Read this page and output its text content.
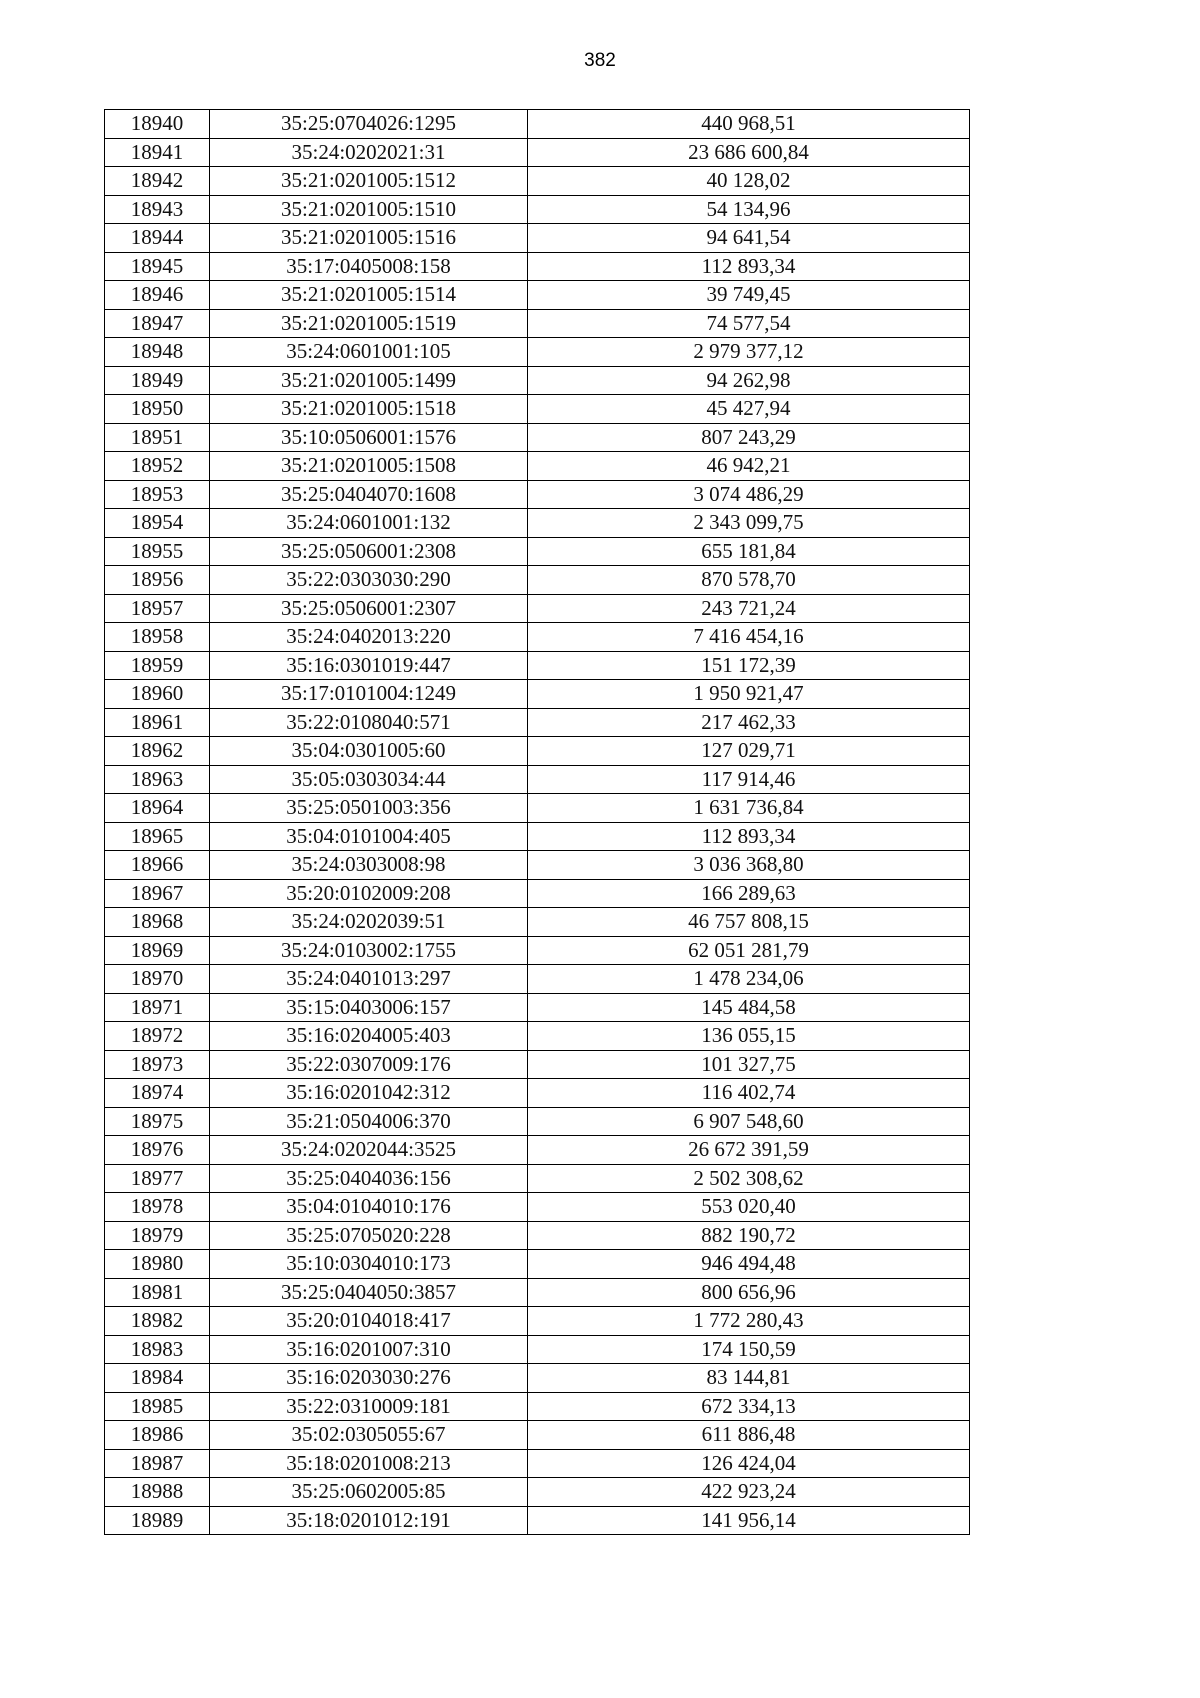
382
18940	35:25:0704026:1295	440 968,51
18941	35:24:0202021:31	23 686 600,84
18942	35:21:0201005:1512	40 128,02
18943	35:21:0201005:1510	54 134,96
18944	35:21:0201005:1516	94 641,54
18945	35:17:0405008:158	112 893,34
18946	35:21:0201005:1514	39 749,45
18947	35:21:0201005:1519	74 577,54
18948	35:24:0601001:105	2 979 377,12
18949	35:21:0201005:1499	94 262,98
18950	35:21:0201005:1518	45 427,94
18951	35:10:0506001:1576	807 243,29
18952	35:21:0201005:1508	46 942,21
18953	35:25:0404070:1608	3 074 486,29
18954	35:24:0601001:132	2 343 099,75
18955	35:25:0506001:2308	655 181,84
18956	35:22:0303030:290	870 578,70
18957	35:25:0506001:2307	243 721,24
18958	35:24:0402013:220	7 416 454,16
18959	35:16:0301019:447	151 172,39
18960	35:17:0101004:1249	1 950 921,47
18961	35:22:0108040:571	217 462,33
18962	35:04:0301005:60	127 029,71
18963	35:05:0303034:44	117 914,46
18964	35:25:0501003:356	1 631 736,84
18965	35:04:0101004:405	112 893,34
18966	35:24:0303008:98	3 036 368,80
18967	35:20:0102009:208	166 289,63
18968	35:24:0202039:51	46 757 808,15
18969	35:24:0103002:1755	62 051 281,79
18970	35:24:0401013:297	1 478 234,06
18971	35:15:0403006:157	145 484,58
18972	35:16:0204005:403	136 055,15
18973	35:22:0307009:176	101 327,75
18974	35:16:0201042:312	116 402,74
18975	35:21:0504006:370	6 907 548,60
18976	35:24:0202044:3525	26 672 391,59
18977	35:25:0404036:156	2 502 308,62
18978	35:04:0104010:176	553 020,40
18979	35:25:0705020:228	882 190,72
18980	35:10:0304010:173	946 494,48
18981	35:25:0404050:3857	800 656,96
18982	35:20:0104018:417	1 772 280,43
18983	35:16:0201007:310	174 150,59
18984	35:16:0203030:276	83 144,81
18985	35:22:0310009:181	672 334,13
18986	35:02:0305055:67	611 886,48
18987	35:18:0201008:213	126 424,04
18988	35:25:0602005:85	422 923,24
18989	35:18:0201012:191	141 956,14
